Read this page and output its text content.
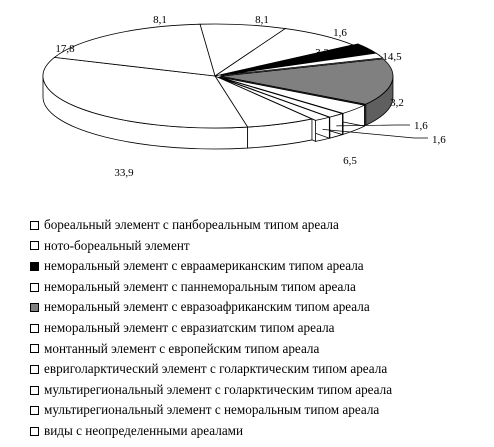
8,1	8,1
3,2
1,6
14,5
3,2
1,6
1,6
6,5
33,9
17,8
бореальный элемент с панбореальным типом ареала
ното-бореальный элемент
неморальный элемент с евраамериканским типом ареала
неморальный элемент с паннеморальным типом ареала
неморальный элемент с евразоафриканским типом ареала
неморальный элемент с евразиатским типом ареала
монтанный элемент с европейским типом ареала
евриголарктический элемент с голарктическим типом ареала
мультирегиональный элемент с голарктическим типом ареала
мультирегиональный элемент с неморальным типом ареала
виды с неопределенными ареалами
